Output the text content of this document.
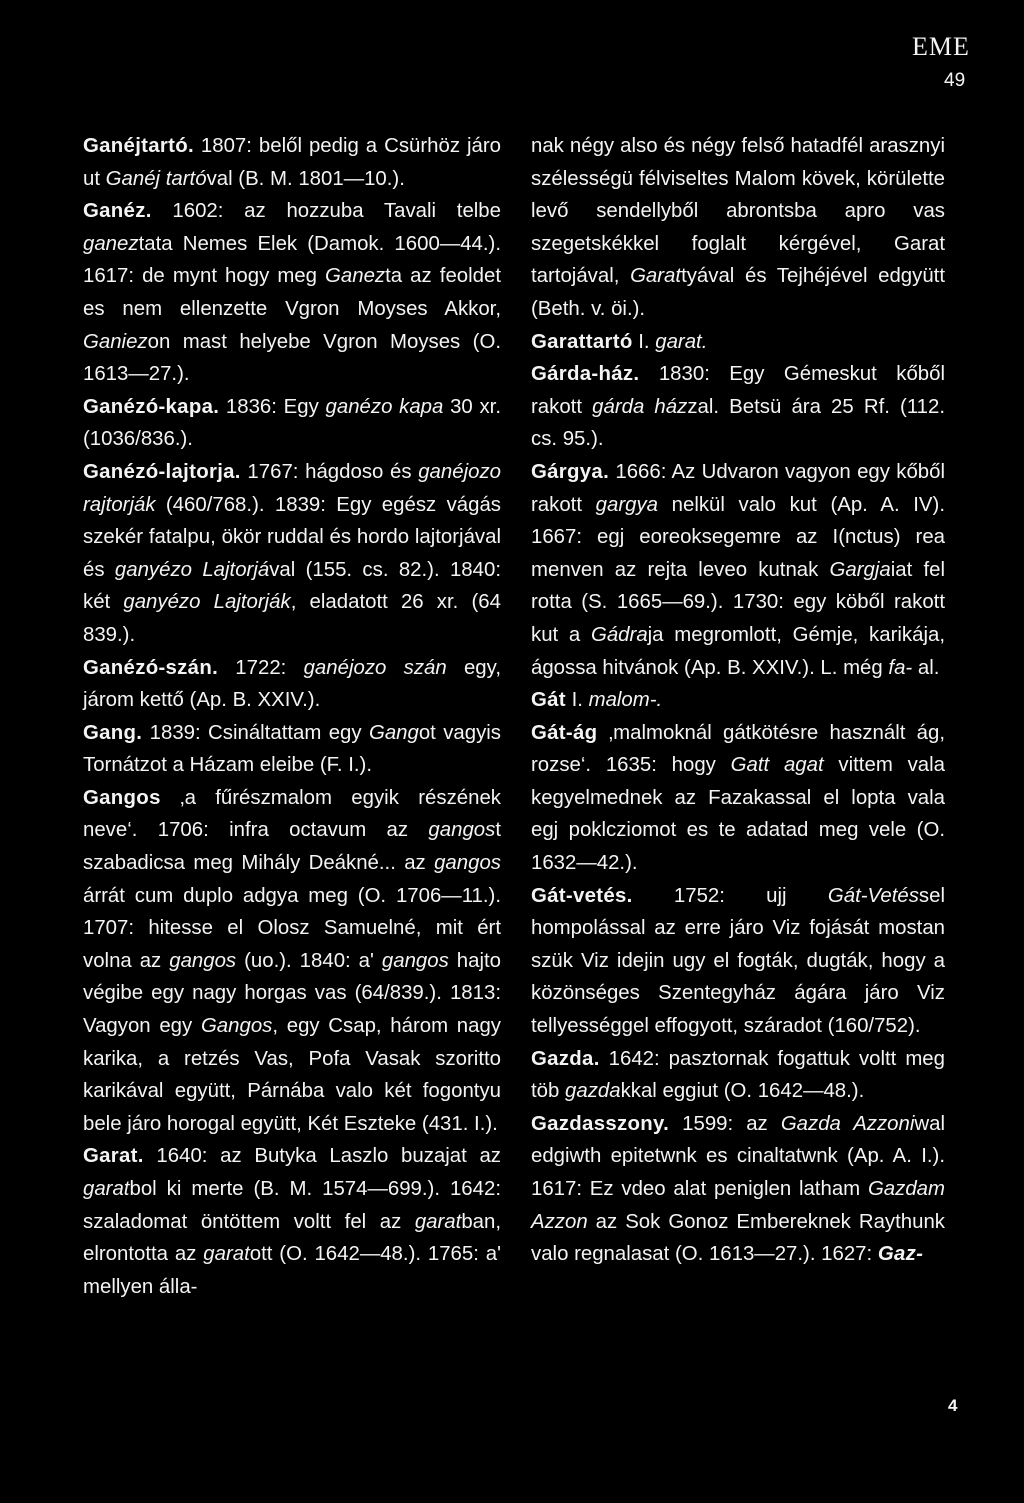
EME
49

Ganéjtartó. 1807: belől pedig a Csürhöz járo ut Ganéj tartóval (B. M. 1801—10.).

Ganéz. 1602: az hozzuba Tavali telbe ganeztata Nemes Elek (Damok. 1600—44.). 1617: de mynt hogy meg Ganezta az feoldet es nem ellenzette Vgron Moyses Akkor, Ganiezon mast helyebe Vgron Moyses (O. 1613—27.).

Ganézó-kapa. 1836: Egy ganézo kapa 30 xr. (1036/836.).

Ganézó-lajtorja. 1767: hágdoso és ganéjozo rajtorják (460/768.). 1839: Egy egész vágás szekér fatalpu, ökör ruddal és hordo lajtorjával és ganyézo Lajtorjával (155. cs. 82.). 1840: két ganyézo Lajtorják, eladatott 26 xr. (64 839.).

Ganézó-szán. 1722: ganéjozo szán egy, járom kettő (Ap. B. XXIV.).

Gang. 1839: Csináltattam egy Gangot vagyis Tornátzot a Házam eleibe (F. I.).

Gangos ‚a fűrészmalom egyik részének neve‘. 1706: infra octavum az gangost szabadicsa meg Mihály Deákné... az gangos árrát cum duplo adgya meg (O. 1706—11.). 1707: hitesse el Olosz Samuelné, mit ért volna az gangos (uo.). 1840: a' gangos hajto végibe egy nagy horgas vas (64/839.). 1813: Vagyon egy Gangos, egy Csap, három nagy karika, a retzés Vas, Pofa Vasak szoritto karikával együtt, Párnába valo két fogontyu bele járo horogal együtt, Két Eszteke (431. I.).

Garat. 1640: az Butyka Laszlo buzajat az garatbol ki merte (B. M. 1574—699.). 1642: szaladomat öntöttem voltt fel az garatban, elrontotta az garatott (O. 1642—48.). 1765: a' mellyen álla-

nak négy also és négy felső hatadfél arasznyi szélességü félviseltes Malom kövek, körülette levő sendellyből abrontsba apro vas szegetskékkel foglalt kérgével, Garat tartojával, Garattyával és Tejhéjével edgyütt (Beth. v. öi.).

Garattartó I. garat.

Gárda-ház. 1830: Egy Gémeskut kőből rakott gárda házzal. Betsü ára 25 Rf. (112. cs. 95.).

Gárgya. 1666: Az Udvaron vagyon egy kőből rakott gargya nelkül valo kut (Ap. A. IV). 1667: egj eoreoksegemre az I(nctus) rea menven az rejta leveo kutnak Gargjaiat fel rotta (S. 1665—69.). 1730: egy köből rakott kut a Gádraja megromlott, Gémje, karikája, ágossa hitvánok (Ap. B. XXIV.). L. még fa- al.

Gát I. malom-.

Gát-ág ‚malmoknál gátkötésre használt ág, rozse‘. 1635: hogy Gatt agat vittem vala kegyelmednek az Fazakassal el lopta vala egj poklcziomot es te adatad meg vele (O. 1632—42.).

Gát-vetés. 1752: ujj Gát-Vetéssel hompolással az erre járo Viz fojását mostan szük Viz idejin ugy el fogták, dugták, hogy a közönséges Szentegyház ágára járo Viz tellyességgel effogyott, száradot (160/752).

Gazda. 1642: pasztornak fogattuk voltt meg töb gazdakkal eggiut (O. 1642—48.).

Gazdasszony. 1599: az Gazda Azzoniwal edgiwth epitetwnk es cinaltatwnk (Ap. A. I.). 1617: Ez vdeo alat peniglen latham Gazdam Azzon az Sok Gonoz Embereknek Raythunk valo regnalasat (O. 1613—27.). 1627: Gaz-

4
